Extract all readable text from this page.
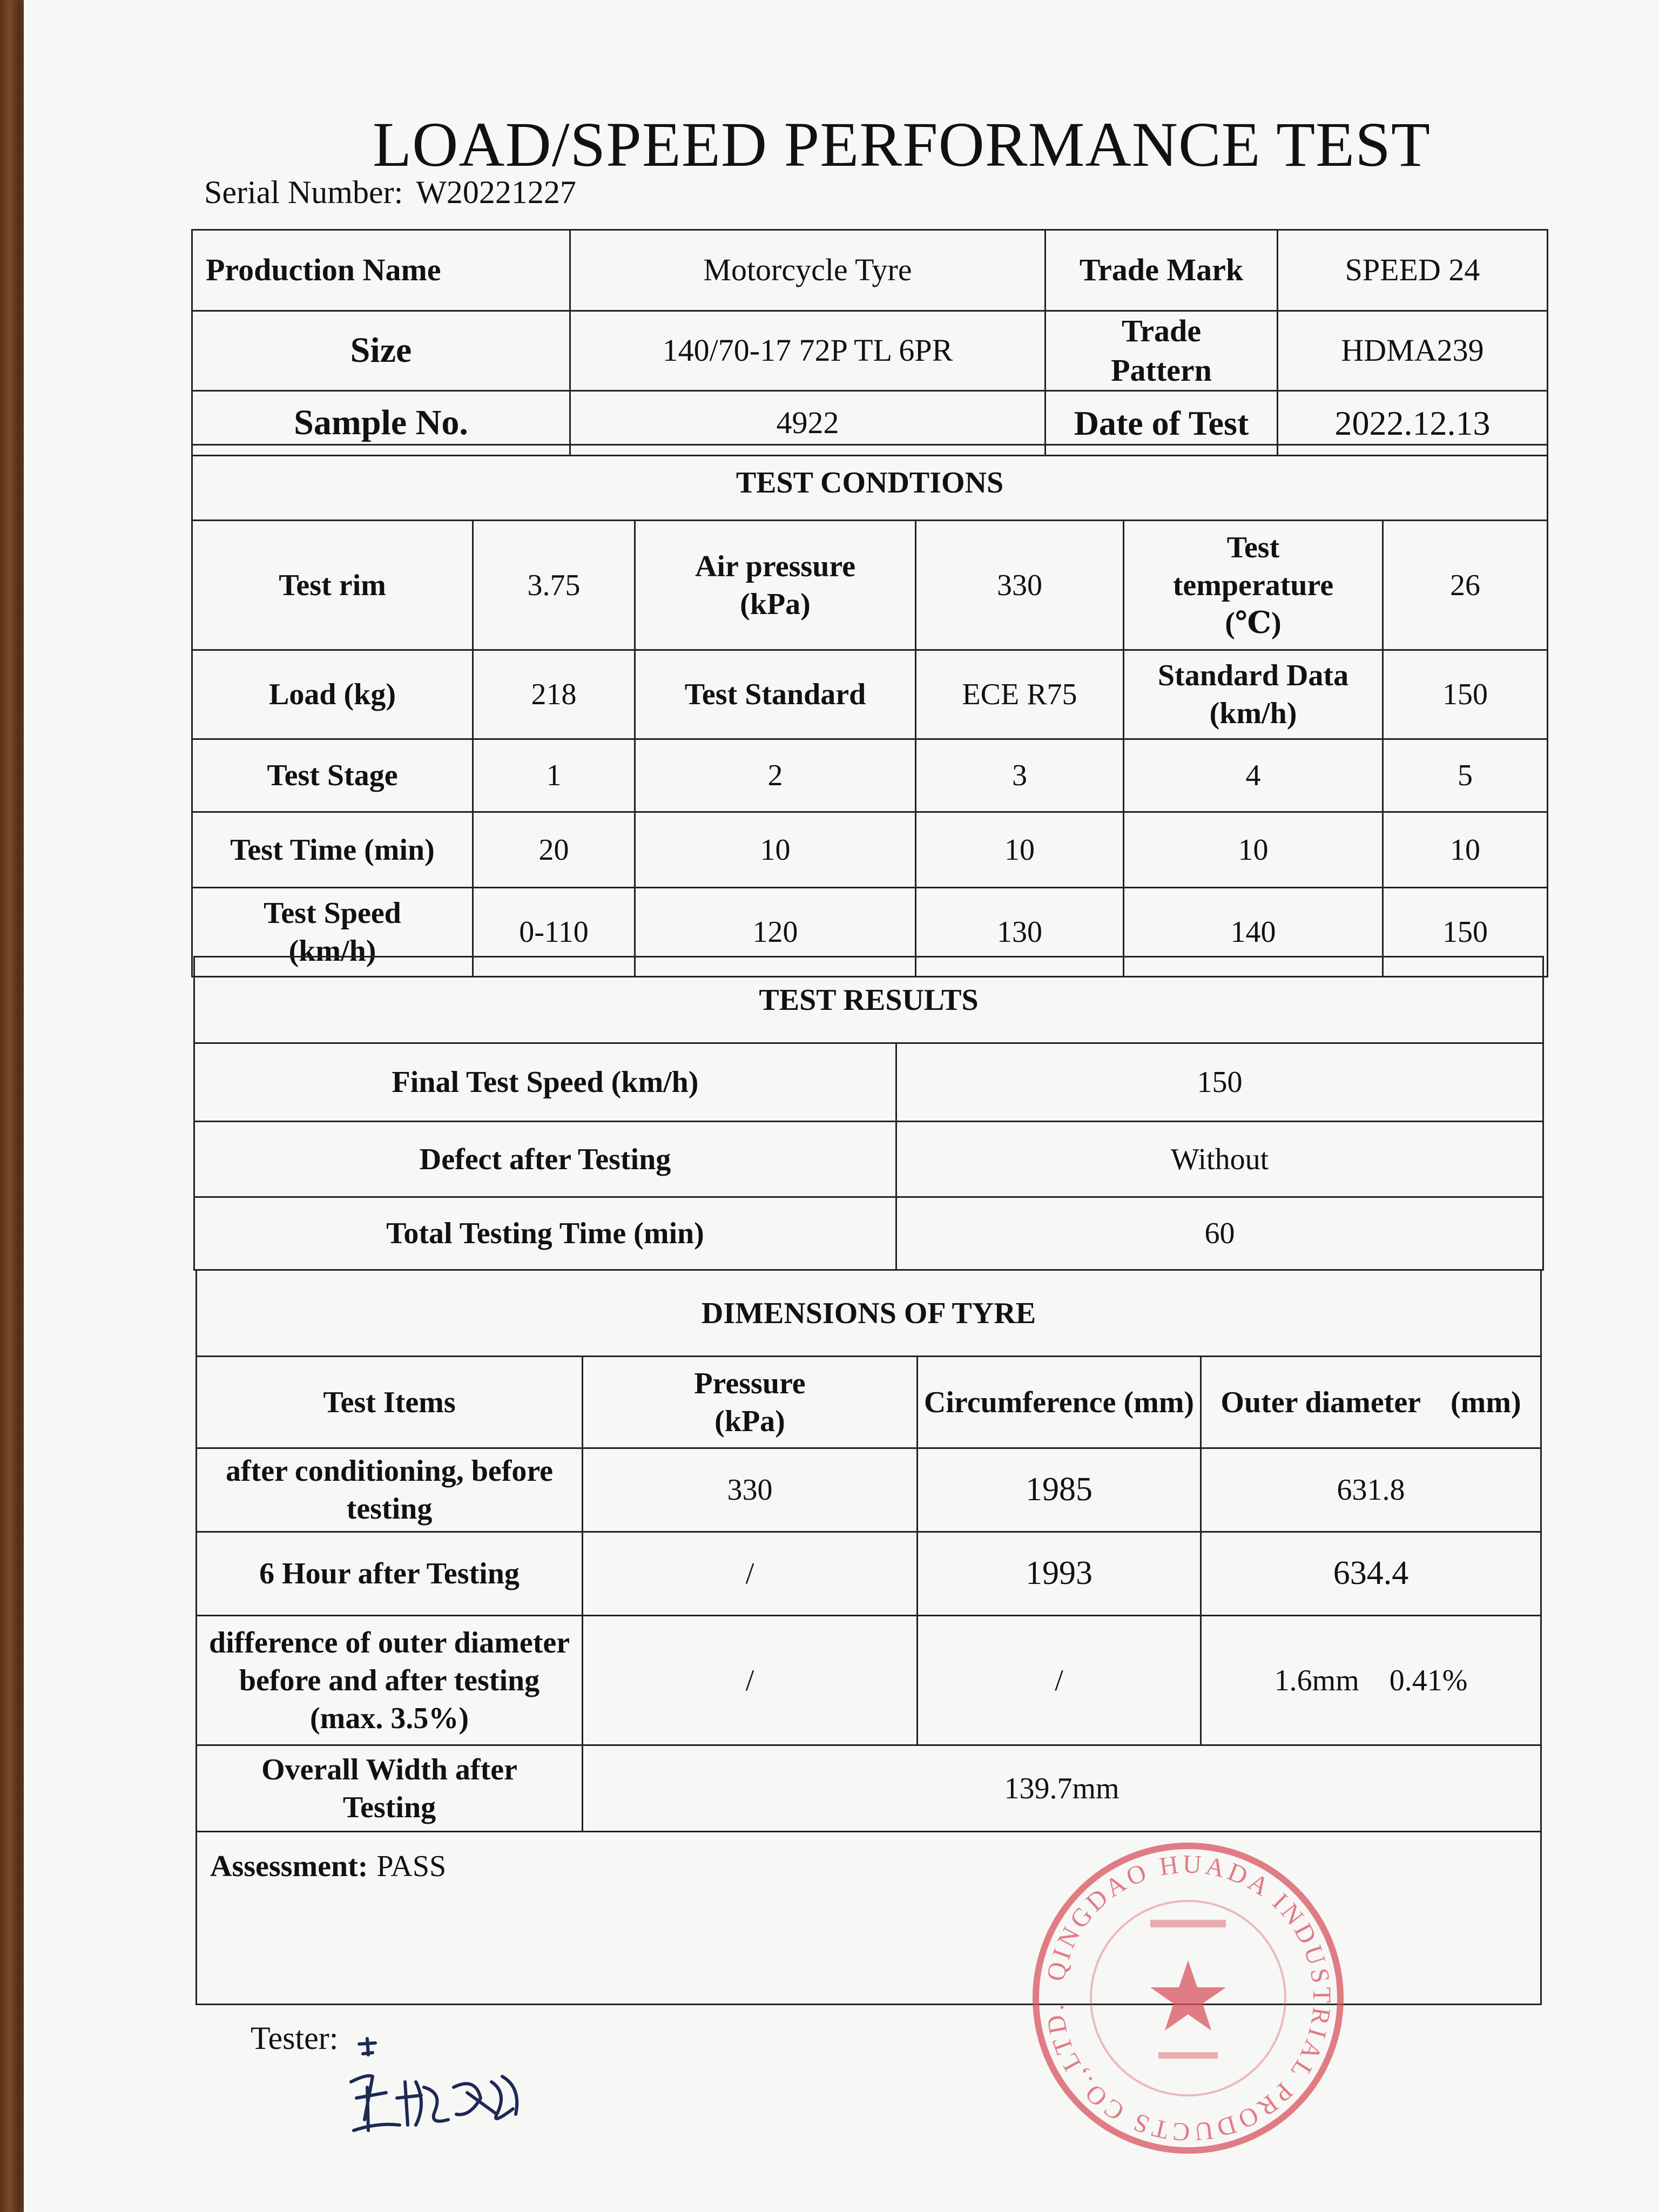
LOAD/SPEED PERFORMANCE TEST
Serial Number: W20221227
Production Name	Motorcycle Tyre	Trade Mark	SPEED 24
Size	140/70-17 72P TL 6PR	Trade Pattern	HDMA239
Sample No.	4922	Date of Test	2022.12.13
TEST CONDTIONS					
Test rim	3.75	Air pressure (kPa)	330	Test temperature (℃)	26
Load (kg)	218	Test Standard	ECE R75	Standard Data (km/h)	150
Test Stage	1	2	3	4	5
Test Time (min)	20	10	10	10	10
Test Speed (km/h)	0-110	120	130	140	150
TEST RESULTS	
Final Test Speed (km/h)	150
Defect after Testing	Without
Total Testing Time (min)	60
DIMENSIONS OF TYRE			
Test Items	Pressure (kPa)	Circumference (mm)	Outer diameter    (mm)
after conditioning, before testing	330	1985	631.8
6 Hour after Testing	/	1993	634.4
difference of outer diameter before and after testing (max. 3.5%)	/	/	1.6mm    0.41%
Overall Width after Testing	139.7mm		
Assessment: PASS			
Tester:
QINGDAO HUADA INDUSTRIAL PRODUCTS CO.,LTD.
